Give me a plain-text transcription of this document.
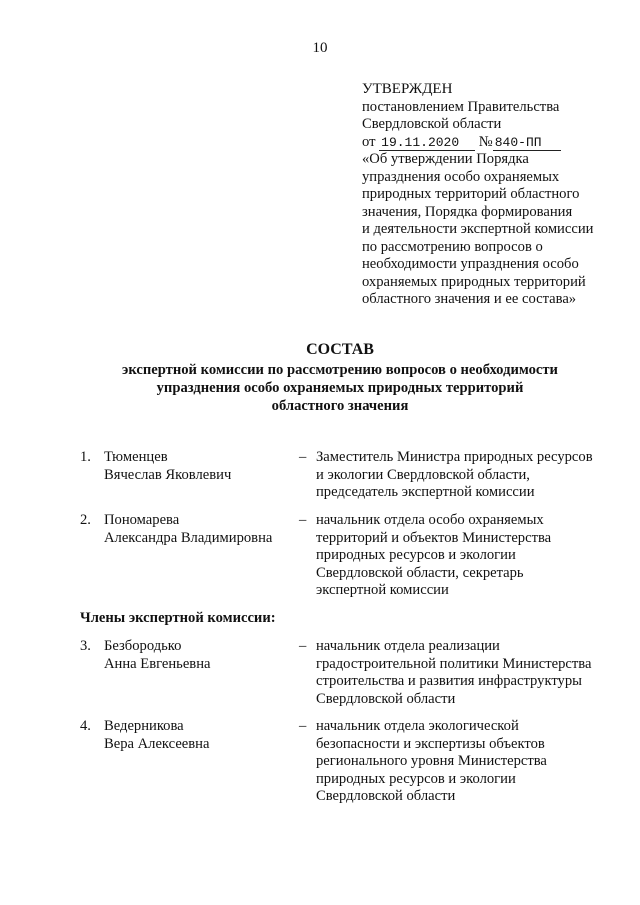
10
УТВЕРЖДЕН
постановлением Правительства
Свердловской области
от 19.11.2020 № 840-ПП
«Об утверждении Порядка
упразднения особо охраняемых
природных территорий областного
значения, Порядка формирования
и деятельности экспертной комиссии
по рассмотрению вопросов о
необходимости упразднения особо
охраняемых природных территорий
областного значения и ее состава»
СОСТАВ
экспертной комиссии по рассмотрению вопросов о необходимости
упразднения особо охраняемых природных территорий
областного значения
1. Тюменцев
Вячеслав Яковлевич
– Заместитель Министра природных ресурсов
и экологии Свердловской области,
председатель экспертной комиссии
2. Пономарева
Александра Владимировна
– начальник отдела особо охраняемых
территорий и объектов Министерства
природных ресурсов и экологии
Свердловской области, секретарь
экспертной комиссии
Члены экспертной комиссии:
3. Безбородько
Анна Евгеньевна
– начальник отдела реализации
градостроительной политики Министерства
строительства и развития инфраструктуры
Свердловской области
4. Ведерникова
Вера Алексеевна
– начальник отдела экологической
безопасности и экспертизы объектов
регионального уровня Министерства
природных ресурсов и экологии
Свердловской области
